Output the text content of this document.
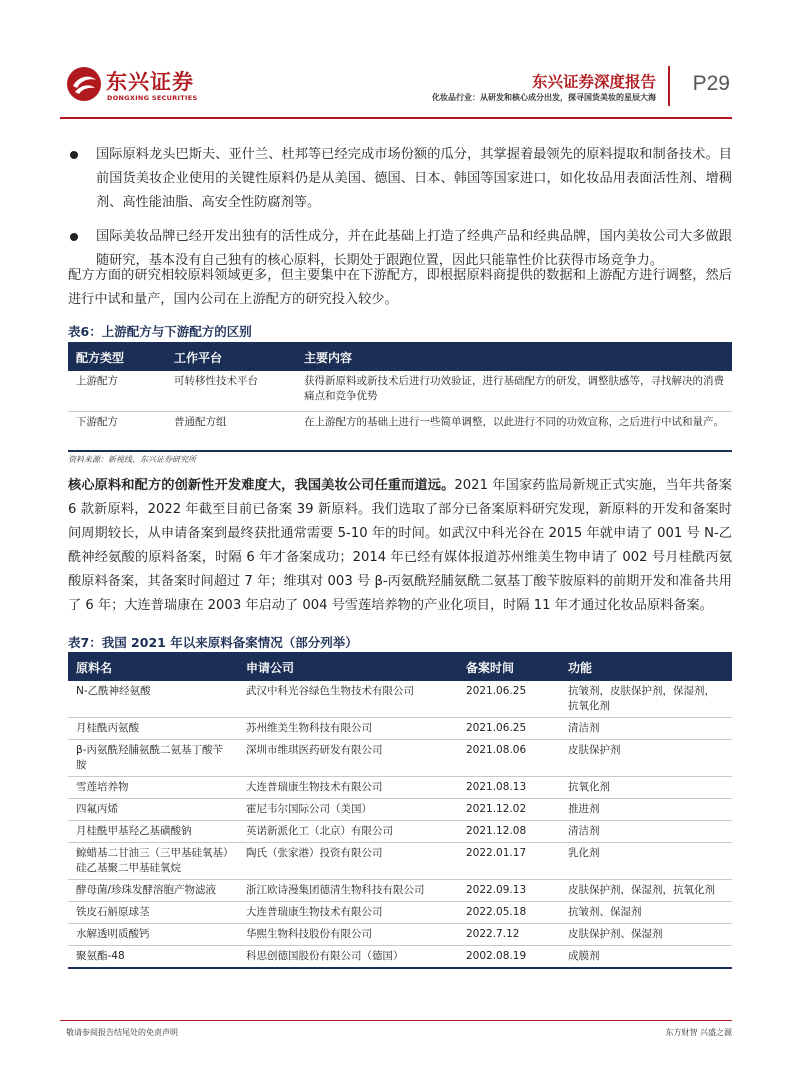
东兴证券
DONGXING SECURITIES
东兴证券深度报告
化妆品行业：从研发和核心成分出发，探寻国货美妆的星辰大海
P29
国际原料龙头巴斯夫、亚什兰、杜邦等已经完成市场份额的瓜分，其掌握着最领先的原料提取和制备技术。目前国货美妆企业使用的关键性原料仍是从美国、德国、日本、韩国等国家进口，如化妆品用表面活性剂、增稠剂、高性能油脂、高安全性防腐剂等。
国际美妆品牌已经开发出独有的活性成分，并在此基础上打造了经典产品和经典品牌，国内美妆公司大多做跟随研究，基本没有自己独有的核心原料，长期处于跟跑位置，因此只能靠性价比获得市场竞争力。
配方方面的研究相较原料领域更多，但主要集中在下游配方，即根据原料商提供的数据和上游配方进行调整，然后进行中试和量产，国内公司在上游配方的研究投入较少。
表6：上游配方与下游配方的区别
配方类型	工作平台	主要内容
上游配方	可转移性技术平台	获得新原料或新技术后进行功效验证，进行基础配方的研发，调整肤感等，寻找解决的消费痛点和竞争优势
下游配方	普通配方组	在上游配方的基础上进行一些简单调整，以此进行不同的功效宣称，之后进行中试和量产。
资料来源：新视线、东兴证券研究所
核心原料和配方的创新性开发难度大，我国美妆公司任重而道远。2021 年国家药监局新规正式实施，当年共备案 6 款新原料，2022 年截至目前已备案 39 新原料。我们选取了部分已备案原料研究发现，新原料的开发和备案时间周期较长，从申请备案到最终获批通常需要 5-10 年的时间。如武汉中科光谷在 2015 年就申请了 001 号 N-乙酰神经氨酸的原料备案，时隔 6 年才备案成功；2014 年已经有媒体报道苏州维美生物申请了 002 号月桂酰丙氨酸原料备案，其备案时间超过 7 年；维琪对 003 号 β-丙氨酰羟脯氨酰二氨基丁酸苄胺原料的前期开发和准备共用了 6 年；大连普瑞康在 2003 年启动了 004 号雪莲培养物的产业化项目，时隔 11 年才通过化妆品原料备案。
表7：我国 2021 年以来原料备案情况（部分列举）
原料名	申请公司	备案时间	功能
N-乙酰神经氨酸	武汉中科光谷绿色生物技术有限公司	2021.06.25	抗皱剂，皮肤保护剂，保湿剂，抗氧化剂
月桂酰丙氨酸	苏州维美生物科技有限公司	2021.06.25	清洁剂
β-丙氨酰羟脯氨酰二氨基丁酸苄胺	深圳市维琪医药研发有限公司	2021.08.06	皮肤保护剂
雪莲培养物	大连普瑞康生物技术有限公司	2021.08.13	抗氧化剂
四氟丙烯	霍尼韦尔国际公司（美国）	2021.12.02	推进剂
月桂酰甲基羟乙基磺酸钠	英诺新派化工（北京）有限公司	2021.12.08	清洁剂
鲸蜡基二甘油三（三甲基硅氧基）硅乙基聚二甲基硅氧烷	陶氏（张家港）投资有限公司	2022.01.17	乳化剂
酵母菌/珍珠发酵溶胞产物滤液	浙江欧诗漫集团德清生物科技有限公司	2022.09.13	皮肤保护剂，保湿剂，抗氧化剂
铁皮石斛原球茎	大连普瑞康生物技术有限公司	2022.05.18	抗皱剂、保湿剂
水解透明质酸钙	华熙生物科技股份有限公司	2022.7.12	皮肤保护剂、保湿剂
聚氨酯-48	科思创德国股份有限公司（德国）	2002.08.19	成膜剂
敬请参阅报告结尾处的免责声明	东方财智 兴盛之源
